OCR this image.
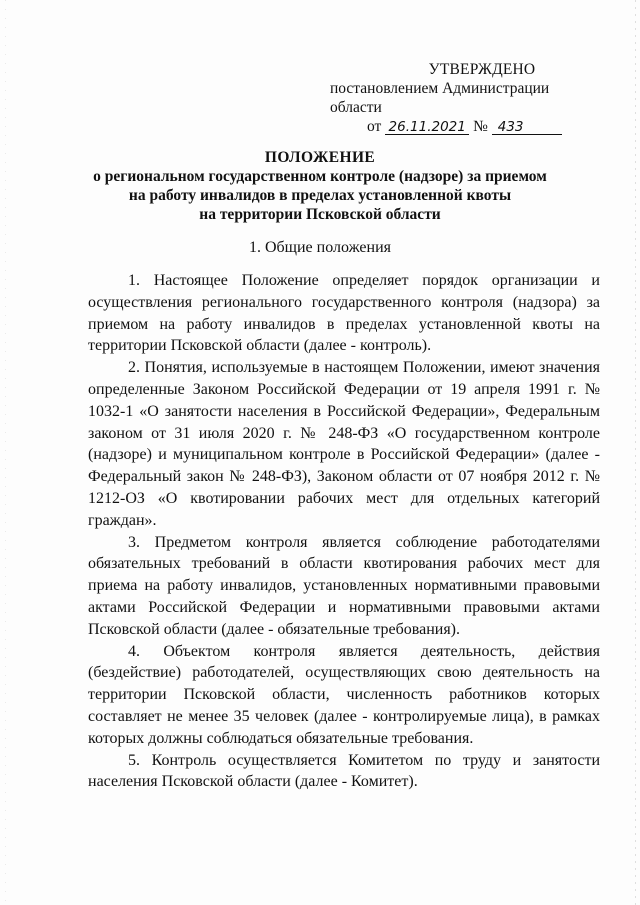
УТВЕРЖДЕНО
постановлением Администрации области
от 26.11.2021 № 433
ПОЛОЖЕНИЕ
о региональном государственном контроле (надзоре) за приемом
на работу инвалидов в пределах установленной квоты
на территории Псковской области
1. Общие положения

1. Настоящее Положение определяет порядок организации и осуществления регионального государственного контроля (надзора) за приемом на работу инвалидов в пределах установленной квоты на территории Псковской области (далее - контроль).

2. Понятия, используемые в настоящем Положении, имеют значения определенные Законом Российской Федерации от 19 апреля 1991 г. № 1032-1 «О занятости населения в Российской Федерации», Федеральным законом от 31 июля 2020 г. № 248-ФЗ «О государственном контроле (надзоре) и муниципальном контроле в Российской Федерации» (далее - Федеральный закон № 248-ФЗ), Законом области от 07 ноября 2012 г. № 1212-ОЗ «О квотировании рабочих мест для отдельных категорий граждан».

3. Предметом контроля является соблюдение работодателями обязательных требований в области квотирования рабочих мест для приема на работу инвалидов, установленных нормативными правовыми актами Российской Федерации и нормативными правовыми актами Псковской области (далее - обязательные требования).

4. Объектом контроля является деятельность, действия (бездействие) работодателей, осуществляющих свою деятельность на территории Псковской области, численность работников которых составляет не менее 35 человек (далее - контролируемые лица), в рамках которых должны соблюдаться обязательные требования.

5. Контроль осуществляется Комитетом по труду и занятости населения Псковской области (далее - Комитет).
